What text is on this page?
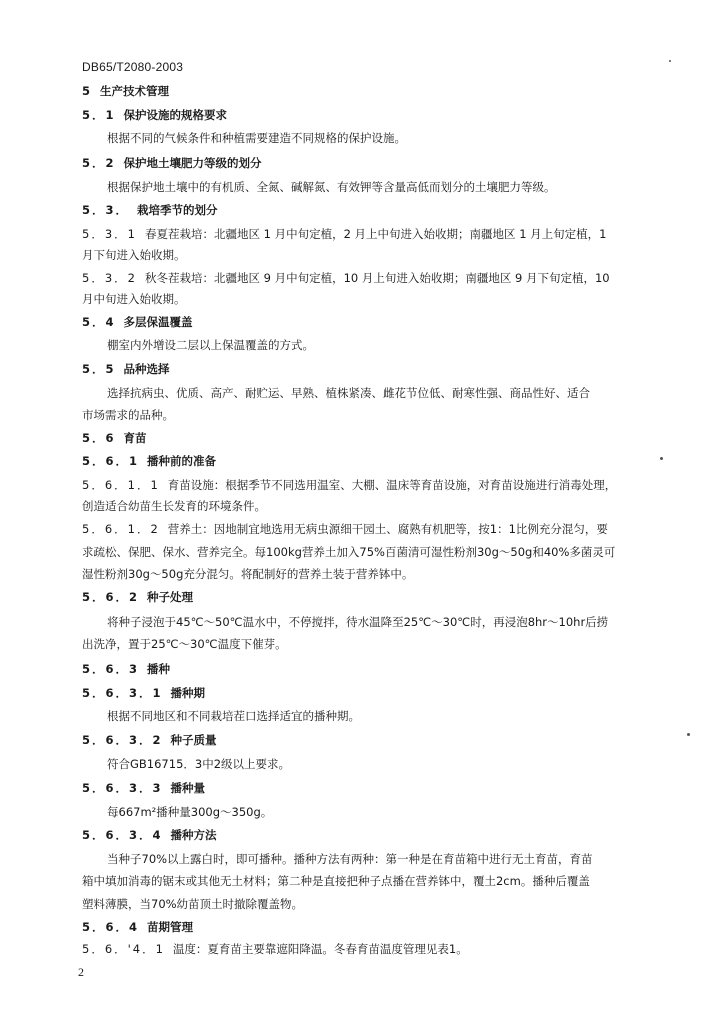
DB65/T2080-2003
5 生产技术管理
5．1 保护设施的规格要求
根据不同的气候条件和种植需要建造不同规格的保护设施。
5．2 保护地土壤肥力等级的划分
根据保护地土壤中的有机质、全氮、碱解氮、有效钾等含量高低而划分的土壤肥力等级。
5．3． 栽培季节的划分
5．3．1 春夏茬栽培：北疆地区 1 月中旬定植，2 月上中旬进入始收期；南疆地区 1 月上旬定植，1
月下旬进入始收期。
5．3．2 秋冬茬栽培：北疆地区 9 月中旬定植，10 月上旬进入始收期；南疆地区 9 月下旬定植，10
月中旬进入始收期。
5．4 多层保温覆盖
棚室内外增设二层以上保温覆盖的方式。
5．5 品种选择
选择抗病虫、优质、高产、耐贮运、早熟、植株紧凑、雌花节位低、耐寒性强、商品性好、适合
市场需求的品种。
5．6 育苗
5．6．1 播种前的准备
5．6．1．1 育苗设施：根据季节不同选用温室、大棚、温床等育苗设施，对育苗设施进行消毒处理，
创造适合幼苗生长发育的环境条件。
5．6．1．2 营养土：因地制宜地选用无病虫源细干园土、腐熟有机肥等，按1：1比例充分混匀，要
求疏松、保肥、保水、营养完全。每100kg营养土加入75%百菌清可湿性粉剂30g～50g和40%多菌灵可
湿性粉剂30g～50g充分混匀。将配制好的营养土装于营养钵中。
5．6．2 种子处理
将种子浸泡于45℃～50℃温水中，不停搅拌，待水温降至25℃～30℃时，再浸泡8hr～10hr后捞
出洗净，置于25℃～30℃温度下催芽。
5．6．3 播种
5．6．3．1 播种期
根据不同地区和不同栽培茬口选择适宜的播种期。
5．6．3．2 种子质量
符合GB16715．3中2级以上要求。
5．6．3．3 播种量
每667m²播种量300g～350g。
5．6．3．4 播种方法
当种子70%以上露白时，即可播种。播种方法有两种：第一种是在育苗箱中进行无土育苗，育苗
箱中填加消毒的锯末或其他无土材料；第二种是直接把种子点播在营养钵中，覆土2cm。播种后覆盖
塑料薄膜，当70%幼苗顶土时撤除覆盖物。
5．6．4 苗期管理
5．6．'4．1 温度：夏育苗主要靠遮阳降温。冬春育苗温度管理见表1。
2
